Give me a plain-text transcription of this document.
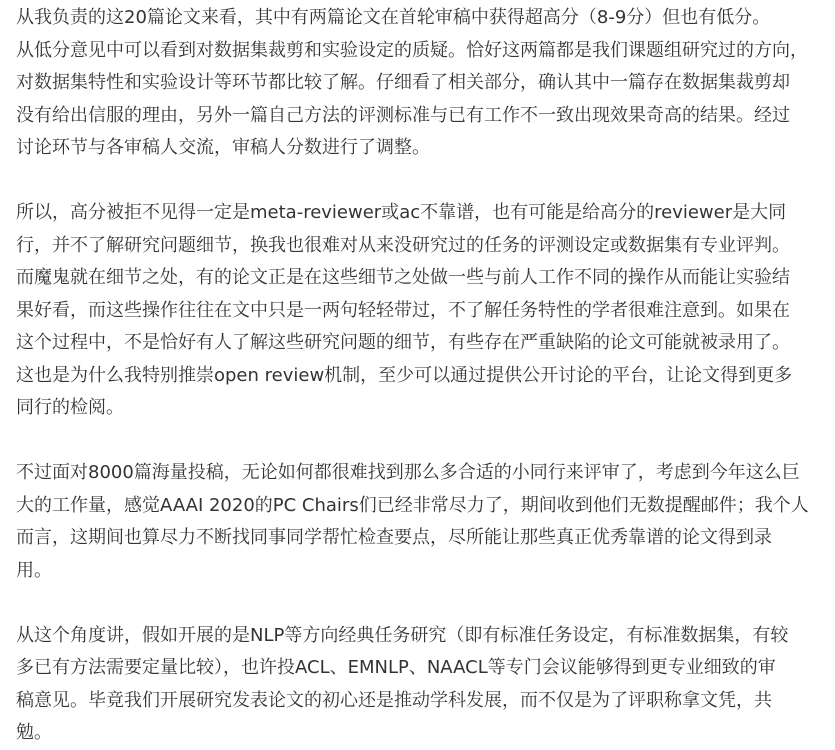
从我负责的这20篇论文来看，其中有两篇论文在首轮审稿中获得超高分（8-9分）但也有低分。
从低分意见中可以看到对数据集裁剪和实验设定的质疑。恰好这两篇都是我们课题组研究过的方向，
对数据集特性和实验设计等环节都比较了解。仔细看了相关部分，确认其中一篇存在数据集裁剪却
没有给出信服的理由，另外一篇自己方法的评测标准与已有工作不一致出现效果奇高的结果。经过
讨论环节与各审稿人交流，审稿人分数进行了调整。

所以，高分被拒不见得一定是meta-reviewer或ac不靠谱，也有可能是给高分的reviewer是大同
行，并不了解研究问题细节，换我也很难对从来没研究过的任务的评测设定或数据集有专业评判。
而魔鬼就在细节之处，有的论文正是在这些细节之处做一些与前人工作不同的操作从而能让实验结
果好看，而这些操作往往在文中只是一两句轻轻带过，不了解任务特性的学者很难注意到。如果在
这个过程中，不是恰好有人了解这些研究问题的细节，有些存在严重缺陷的论文可能就被录用了。
这也是为什么我特别推崇open review机制，至少可以通过提供公开讨论的平台，让论文得到更多
同行的检阅。

不过面对8000篇海量投稿，无论如何都很难找到那么多合适的小同行来评审了，考虑到今年这么巨
大的工作量，感觉AAAI 2020的PC Chairs们已经非常尽力了，期间收到他们无数提醒邮件；我个人
而言，这期间也算尽力不断找同事同学帮忙检查要点，尽所能让那些真正优秀靠谱的论文得到录
用。

从这个角度讲，假如开展的是NLP等方向经典任务研究（即有标准任务设定，有标准数据集，有较
多已有方法需要定量比较），也许投ACL、EMNLP、NAACL等专门会议能够得到更专业细致的审
稿意见。毕竟我们开展研究发表论文的初心还是推动学科发展，而不仅是为了评职称拿文凭，共
勉。
